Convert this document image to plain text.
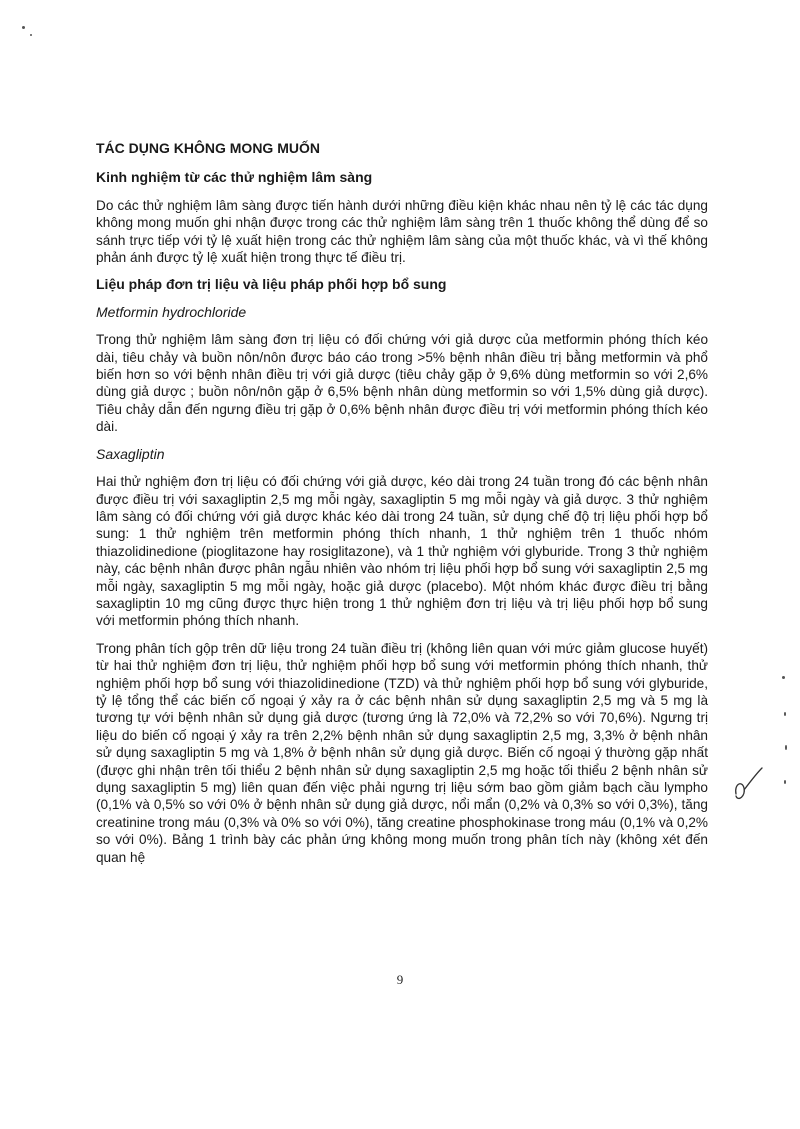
TÁC DỤNG KHÔNG MONG MUỐN
Kinh nghiệm từ các thử nghiệm lâm sàng

Do các thử nghiệm lâm sàng được tiến hành dưới những điều kiện khác nhau nên tỷ lệ các tác dụng không mong muốn ghi nhận được trong các thử nghiệm lâm sàng trên 1 thuốc không thể dùng để so sánh trực tiếp với tỷ lệ xuất hiện trong các thử nghiệm lâm sàng của một thuốc khác, và vì thế không phản ánh được tỷ lệ xuất hiện trong thực tế điều trị.

Liệu pháp đơn trị liệu và liệu pháp phối hợp bổ sung
Metformin hydrochloride

Trong thử nghiệm lâm sàng đơn trị liệu có đối chứng với giả dược của metformin phóng thích kéo dài, tiêu chảy và buồn nôn/nôn được báo cáo trong >5% bệnh nhân điều trị bằng metformin và phổ biến hơn so với bệnh nhân điều trị với giả dược (tiêu chảy gặp ở 9,6% dùng metformin so với 2,6% dùng giả dược ; buồn nôn/nôn gặp ở 6,5% bệnh nhân dùng metformin so với 1,5% dùng giả dược). Tiêu chảy dẫn đến ngưng điều trị gặp ở 0,6% bệnh nhân được điều trị với metformin phóng thích kéo dài.

Saxagliptin

Hai thử nghiệm đơn trị liệu có đối chứng với giả dược, kéo dài trong 24 tuần trong đó các bệnh nhân được điều trị với saxagliptin 2,5 mg mỗi ngày, saxagliptin 5 mg mỗi ngày và giả dược. 3 thử nghiệm lâm sàng có đối chứng với giả dược khác kéo dài trong 24 tuần, sử dụng chế độ trị liệu phối hợp bổ sung: 1 thử nghiệm trên metformin phóng thích nhanh, 1 thử nghiệm trên 1 thuốc nhóm thiazolidinedione (pioglitazone hay rosiglitazone), và 1 thử nghiệm với glyburide. Trong 3 thử nghiệm này, các bệnh nhân được phân ngẫu nhiên vào nhóm trị liệu phối hợp bổ sung với saxagliptin 2,5 mg mỗi ngày, saxagliptin 5 mg mỗi ngày, hoặc giả dược (placebo). Một nhóm khác được điều trị bằng saxagliptin 10 mg cũng được thực hiện trong 1 thử nghiệm đơn trị liệu và trị liệu phối hợp bổ sung với metformin phóng thích nhanh.

Trong phân tích gộp trên dữ liệu trong 24 tuần điều trị (không liên quan với mức giảm glucose huyết) từ hai thử nghiệm đơn trị liệu, thử nghiệm phối hợp bổ sung với metformin phóng thích nhanh, thử nghiệm phối hợp bổ sung với thiazolidinedione (TZD) và thử nghiệm phối hợp bổ sung với glyburide, tỷ lệ tổng thể các biến cố ngoại ý xảy ra ở các bệnh nhân sử dụng saxagliptin 2,5 mg và 5 mg là tương tự với bệnh nhân sử dụng giả dược (tương ứng là 72,0% và 72,2% so với 70,6%). Ngưng trị liệu do biến cố ngoại ý xảy ra trên 2,2% bệnh nhân sử dụng saxagliptin 2,5 mg, 3,3% ở bệnh nhân sử dụng saxagliptin 5 mg và 1,8% ở bệnh nhân sử dụng giả dược. Biến cố ngoại ý thường gặp nhất (được ghi nhận trên tối thiểu 2 bệnh nhân sử dụng saxagliptin 2,5 mg hoặc tối thiểu 2 bệnh nhân sử dụng saxagliptin 5 mg) liên quan đến việc phải ngưng trị liệu sớm bao gồm giảm bạch cầu lympho (0,1% và 0,5% so với 0% ở bệnh nhân sử dụng giả dược, nổi mẩn (0,2% và 0,3% so với 0,3%), tăng creatinine trong máu (0,3% và 0% so với 0%), tăng creatine phosphokinase trong máu (0,1% và 0,2% so với 0%). Bảng 1 trình bày các phản ứng không mong muốn trong phân tích này (không xét đến quan hệ

9
